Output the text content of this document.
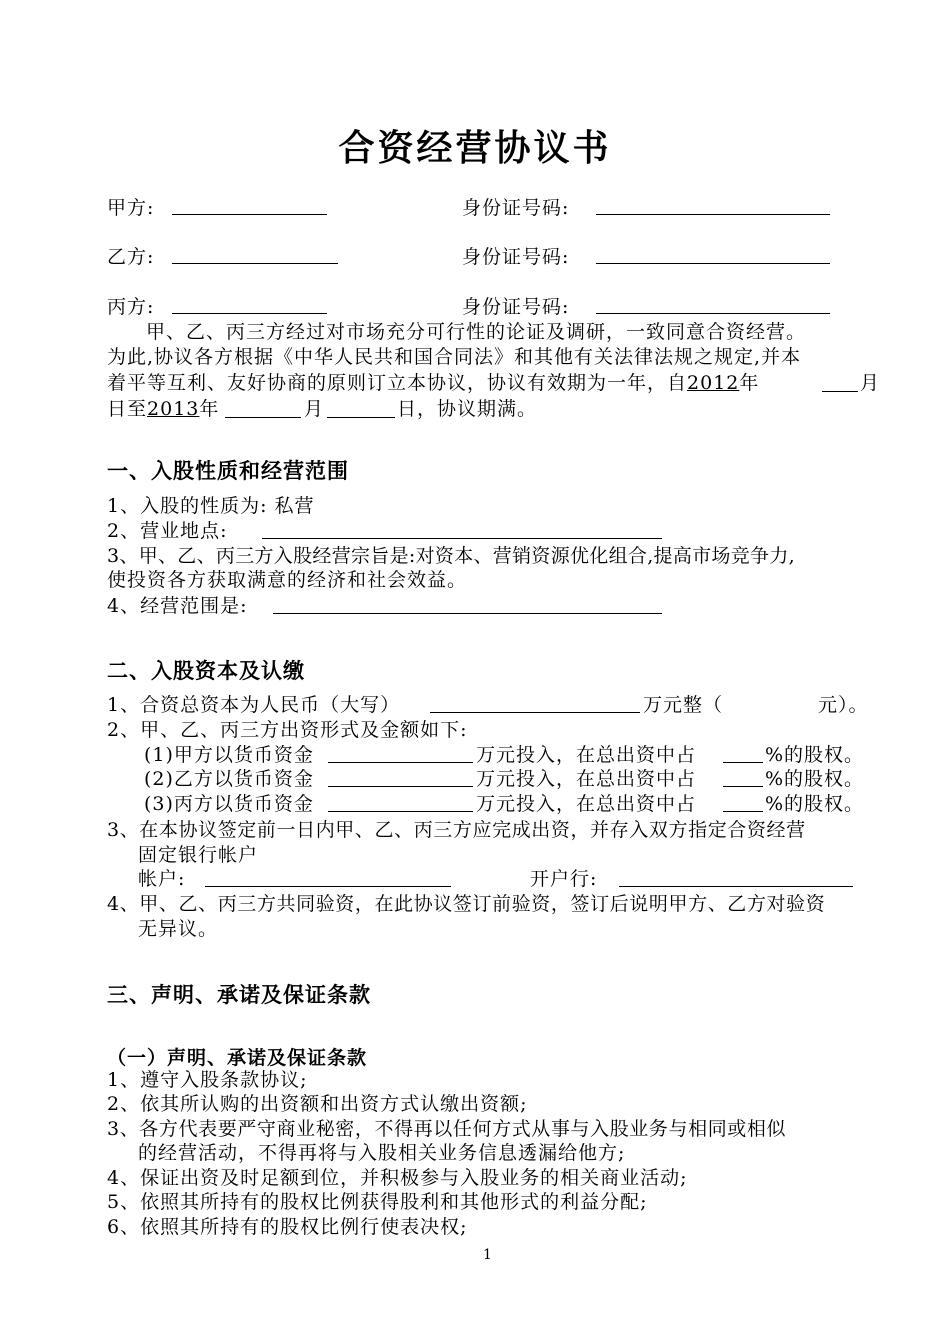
合资经营协议书
甲方:	身份证号码:
乙方:	身份证号码:
丙方:	身份证号码:
甲、乙、丙三方经过对市场充分可行性的论证及调研，一致同意合资经营。
为此,协议各方根据《中华人民共和国合同法》和其他有关法律法规之规定,并本
着平等互利、友好协商的原则订立本协议，协议有效期为一年，自2012年	月
日至2013年	月	日，协议期满。
一、入股性质和经营范围
1、入股的性质为: 私营
2、营业地点:
3、甲、乙、丙三方入股经营宗旨是:对资本、营销资源优化组合,提高市场竞争力,
使投资各方获取满意的经济和社会效益。
4、经营范围是:
二、入股资本及认缴
1、合资总资本为人民币（大写）	万元整（	元）。
2、甲、乙、丙三方出资形式及金额如下:
(1)甲方以货币资金	万元投入，在总出资中占	%的股权。
(2)乙方以货币资金	万元投入，在总出资中占	%的股权。
(3)丙方以货币资金	万元投入，在总出资中占	%的股权。
3、在本协议签定前一日内甲、乙、丙三方应完成出资，并存入双方指定合资经营
固定银行帐户
帐户:	开户行:
4、甲、乙、丙三方共同验资，在此协议签订前验资，签订后说明甲方、乙方对验资
无异议。
三、声明、承诺及保证条款
（一）声明、承诺及保证条款
1、遵守入股条款协议;
2、依其所认购的出资额和出资方式认缴出资额;
3、各方代表要严守商业秘密，不得再以任何方式从事与入股业务与相同或相似
的经营活动，不得再将与入股相关业务信息透漏给他方;
4、保证出资及时足额到位，并积极参与入股业务的相关商业活动;
5、依照其所持有的股权比例获得股利和其他形式的利益分配;
6、依照其所持有的股权比例行使表决权;
1
